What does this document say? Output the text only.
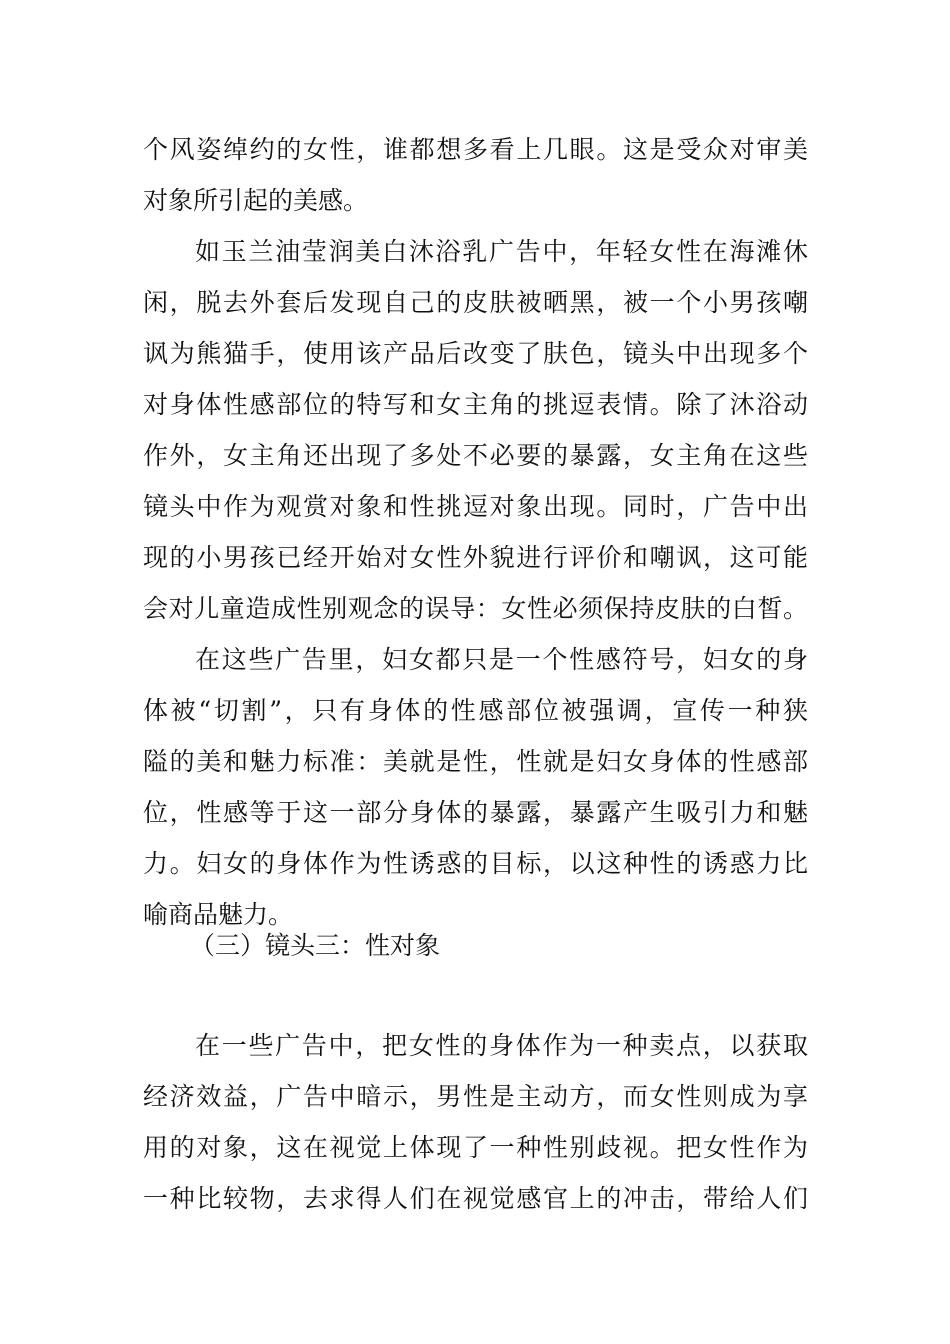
个风姿绰约的女性，谁都想多看上几眼。这是受众对审美
对象所引起的美感。
如玉兰油莹润美白沐浴乳广告中，年轻女性在海滩休
闲，脱去外套后发现自己的皮肤被晒黑，被一个小男孩嘲
讽为熊猫手，使用该产品后改变了肤色，镜头中出现多个
对身体性感部位的特写和女主角的挑逗表情。除了沐浴动
作外，女主角还出现了多处不必要的暴露，女主角在这些
镜头中作为观赏对象和性挑逗对象出现。同时，广告中出
现的小男孩已经开始对女性外貌进行评价和嘲讽，这可能
会对儿童造成性别观念的误导：女性必须保持皮肤的白皙。
在这些广告里，妇女都只是一个性感符号，妇女的身
体被“切割”，只有身体的性感部位被强调，宣传一种狭
隘的美和魅力标准：美就是性，性就是妇女身体的性感部
位，性感等于这一部分身体的暴露，暴露产生吸引力和魅
力。妇女的身体作为性诱惑的目标，以这种性的诱惑力比
喻商品魅力。
（三）镜头三：性对象
在一些广告中，把女性的身体作为一种卖点，以获取
经济效益，广告中暗示，男性是主动方，而女性则成为享
用的对象，这在视觉上体现了一种性别歧视。把女性作为
一种比较物，去求得人们在视觉感官上的冲击，带给人们
